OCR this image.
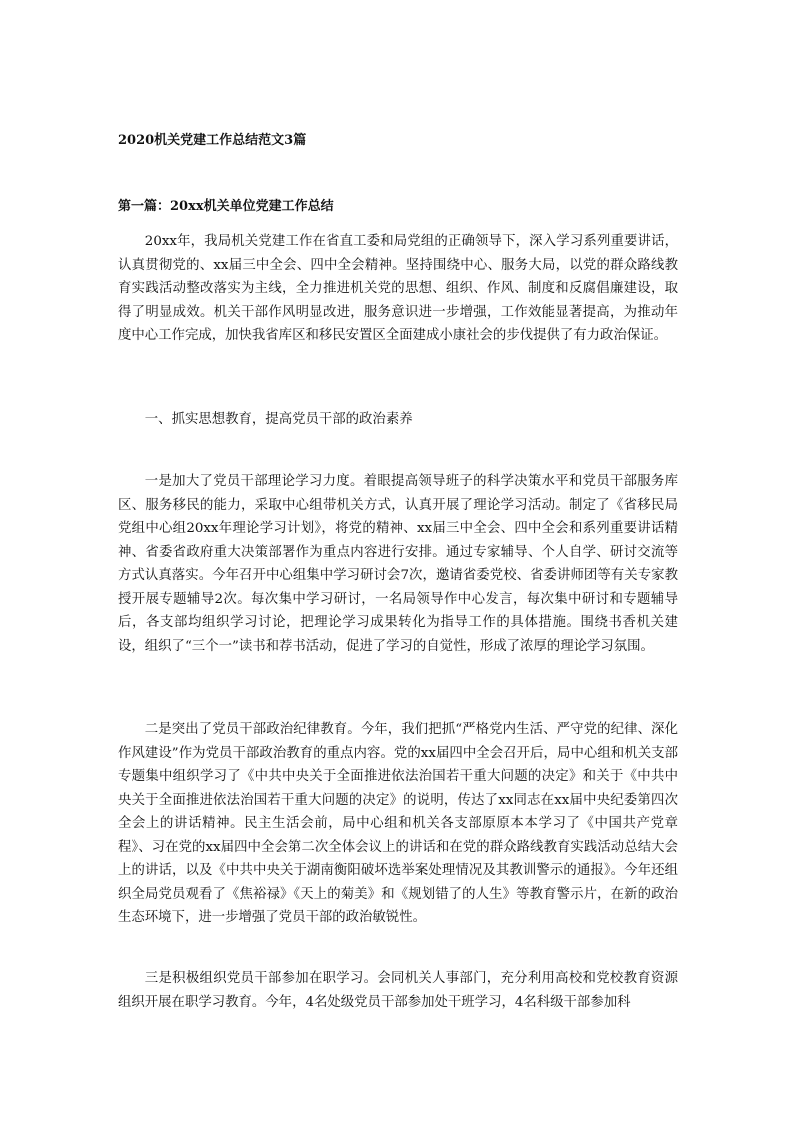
2020机关党建工作总结范文3篇
第一篇：20xx机关单位党建工作总结

20xx年，我局机关党建工作在省直工委和局党组的正确领导下，深入学习系列重要讲话，认真贯彻党的、xx届三中全会、四中全会精神。坚持围绕中心、服务大局，以党的群众路线教育实践活动整改落实为主线，全力推进机关党的思想、组织、作风、制度和反腐倡廉建设，取得了明显成效。机关干部作风明显改进，服务意识进一步增强，工作效能显著提高，为推动年度中心工作完成，加快我省库区和移民安置区全面建成小康社会的步伐提供了有力政治保证。

一、抓实思想教育，提高党员干部的政治素养

一是加大了党员干部理论学习力度。着眼提高领导班子的科学决策水平和党员干部服务库区、服务移民的能力，采取中心组带机关方式，认真开展了理论学习活动。制定了《省移民局党组中心组20xx年理论学习计划》，将党的精神、xx届三中全会、四中全会和系列重要讲话精神、省委省政府重大决策部署作为重点内容进行安排。通过专家辅导、个人自学、研讨交流等方式认真落实。今年召开中心组集中学习研讨会7次，邀请省委党校、省委讲师团等有关专家教授开展专题辅导2次。每次集中学习研讨，一名局领导作中心发言，每次集中研讨和专题辅导后，各支部均组织学习讨论，把理论学习成果转化为指导工作的具体措施。围绕书香机关建设，组织了“三个一”读书和荐书活动，促进了学习的自觉性，形成了浓厚的理论学习氛围。

二是突出了党员干部政治纪律教育。今年，我们把抓“严格党内生活、严守党的纪律、深化作风建设”作为党员干部政治教育的重点内容。党的xx届四中全会召开后，局中心组和机关支部专题集中组织学习了《中共中央关于全面推进依法治国若干重大问题的决定》和关于《中共中央关于全面推进依法治国若干重大问题的决定》的说明，传达了xx同志在xx届中央纪委第四次全会上的讲话精神。民主生活会前，局中心组和机关各支部原原本本学习了《中国共产党章程》、习在党的xx届四中全会第二次全体会议上的讲话和在党的群众路线教育实践活动总结大会上的讲话，以及《中共中央关于湖南衡阳破坏选举案处理情况及其教训警示的通报》。今年还组织全局党员观看了《焦裕禄》《天上的菊美》和《规划错了的人生》等教育警示片，在新的政治生态环境下，进一步增强了党员干部的政治敏锐性。

三是积极组织党员干部参加在职学习。会同机关人事部门，充分利用高校和党校教育资源组织开展在职学习教育。今年，4名处级党员干部参加处干班学习，4名科级干部参加科
